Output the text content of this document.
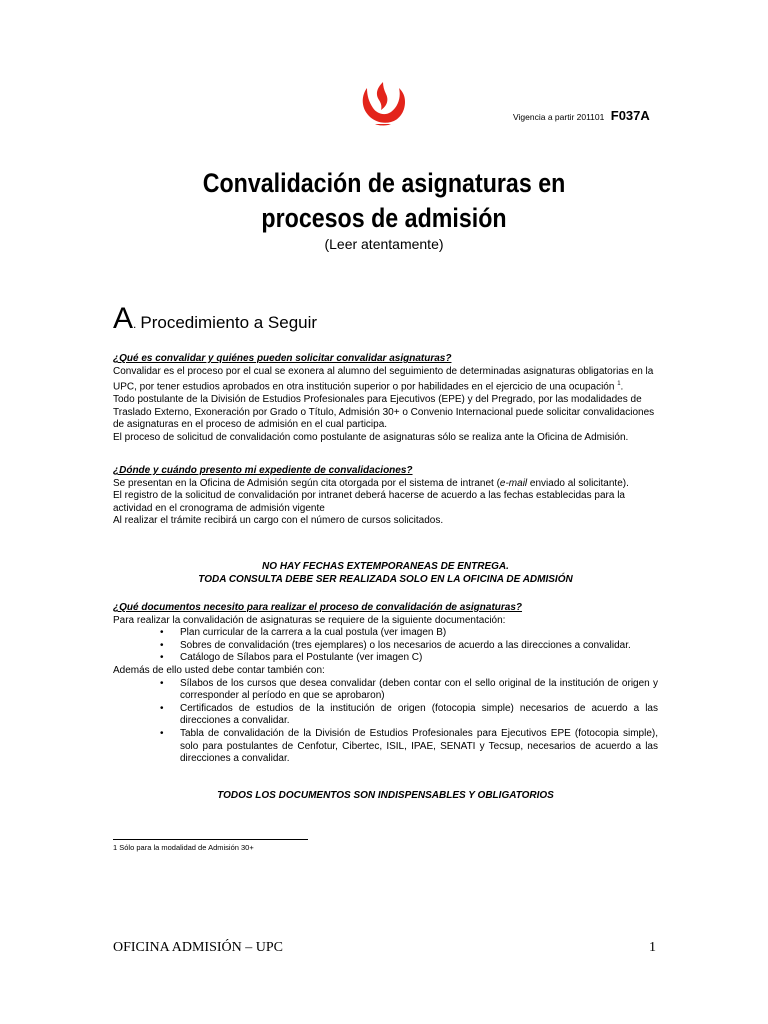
Vigencia a partir 201101 F037A
Convalidación de asignaturas en
procesos de admisión
(Leer atentamente)
A. Procedimiento a Seguir

¿Qué es convalidar y quiénes pueden solicitar convalidar asignaturas?

Convalidar es el proceso por el cual se exonera al alumno del seguimiento de determinadas asignaturas obligatorias en la UPC, por tener estudios aprobados en otra institución superior o por habilidades en el ejercicio de una ocupación $^1$.

Todo postulante de la División de Estudios Profesionales para Ejecutivos (EPE) y del Pregrado, por las modalidades de Traslado Externo, Exoneración por Grado o Título, Admisión 30+ o Convenio Internacional puede solicitar convalidaciones de asignaturas en el proceso de admisión en el cual participa.

El proceso de solicitud de convalidación como postulante de asignaturas sólo se realiza ante la Oficina de Admisión.

¿Dónde y cuándo presento mi expediente de convalidaciones?

Se presentan en la Oficina de Admisión según cita otorgada por el sistema de intranet (e-mail enviado al solicitante).

El registro de la solicitud de convalidación por intranet deberá hacerse de acuerdo a las fechas establecidas para la actividad en el cronograma de admisión vigente

Al realizar el trámite recibirá un cargo con el número de cursos solicitados.

NO HAY FECHAS EXTEMPORANEAS DE ENTREGA.
TODA CONSULTA DEBE SER REALIZADA SOLO EN LA OFICINA DE ADMISIÓN

¿Qué documentos necesito para realizar el proceso de convalidación de asignaturas?

Para realizar la convalidación de asignaturas se requiere de la siguiente documentación:

• Plan curricular de la carrera a la cual postula (ver imagen B)
• Sobres de convalidación (tres ejemplares) o los necesarios de acuerdo a las direcciones a convalidar.
• Catálogo de Sílabos para el Postulante (ver imagen C)

Además de ello usted debe contar también con:

• Sílabos de los cursos que desea convalidar (deben contar con el sello original de la institución de origen y corresponder al período en que se aprobaron)
• Certificados de estudios de la institución de origen (fotocopia simple) necesarios de acuerdo a las direcciones a convalidar.
• Tabla de convalidación de la División de Estudios Profesionales para Ejecutivos EPE (fotocopia simple), solo para postulantes de Cenfotur, Cibertec, ISIL, IPAE, SENATI y Tecsup, necesarios de acuerdo a las direcciones a convalidar.
TODOS LOS DOCUMENTOS SON INDISPENSABLES Y OBLIGATORIOS
1 Sólo para la modalidad de Admisión 30+
OFICINA ADMISIÓN – UPC	1
